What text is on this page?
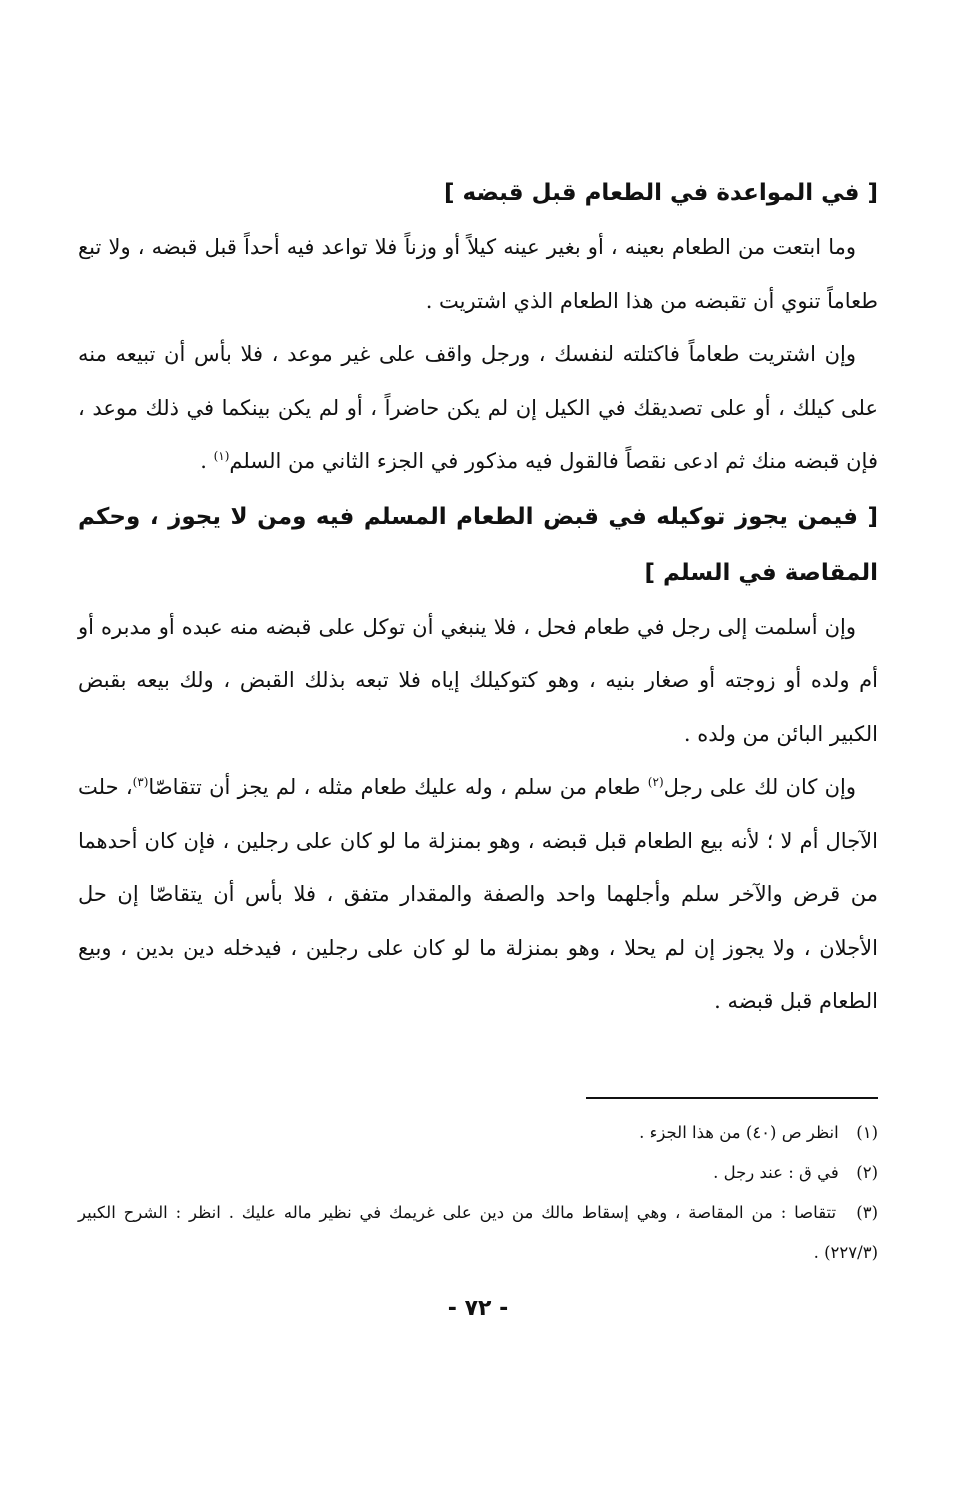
[ في المواعدة في الطعام قبل قبضه ]

وما ابتعت من الطعام بعينه ، أو بغير عينه كيلاً أو وزناً فلا تواعد فيه أحداً قبل قبضه ، ولا تبع طعاماً تنوي أن تقبضه من هذا الطعام الذي اشتريت .

وإن اشتريت طعاماً فاكتلته لنفسك ، ورجل واقف على غير موعد ، فلا بأس أن تبيعه منه على كيلك ، أو على تصديقك في الكيل إن لم يكن حاضراً ، أو لم يكن بينكما في ذلك موعد ، فإن قبضه منك ثم ادعى نقصاً فالقول فيه مذكور في الجزء الثاني من السلم$^{(١)}$ .

[ فيمن يجوز توكيله في قبض الطعام المسلم فيه ومن لا يجوز ، وحكم المقاصة في السلم ]

وإن أسلمت إلى رجل في طعام فحل ، فلا ينبغي أن توكل على قبضه منه عبده أو مدبره أو أم ولده أو زوجته أو صغار بنيه ، وهو كتوكيلك إياه فلا تبعه بذلك القبض ، ولك بيعه بقبض الكبير البائن من ولده .

وإن كان لك على رجل$^{(٢)}$ طعام من سلم ، وله عليك طعام مثله ، لم يجز أن تتقاصّا$^{(٣)}$، حلت الآجال أم لا ؛ لأنه بيع الطعام قبل قبضه ، وهو بمنزلة ما لو كان على رجلين ، فإن كان أحدهما من قرض والآخر سلم وأجلهما واحد والصفة والمقدار متفق ، فلا بأس أن يتقاصّا إن حل الأجلان ، ولا يجوز إن لم يحلا ، وهو بمنزلة ما لو كان على رجلين ، فيدخله دين بدين ، وبيع الطعام قبل قبضه .

(١) انظر ص (٤٠) من هذا الجزء .

(٢) في ق : عند رجل .

(٣) تتقاصا : من المقاصة ، وهي إسقاط مالك من دين على غريمك في نظير ماله عليك . انظر : الشرح الكبير (٢٢٧/٣) .

- ٧٢ -
